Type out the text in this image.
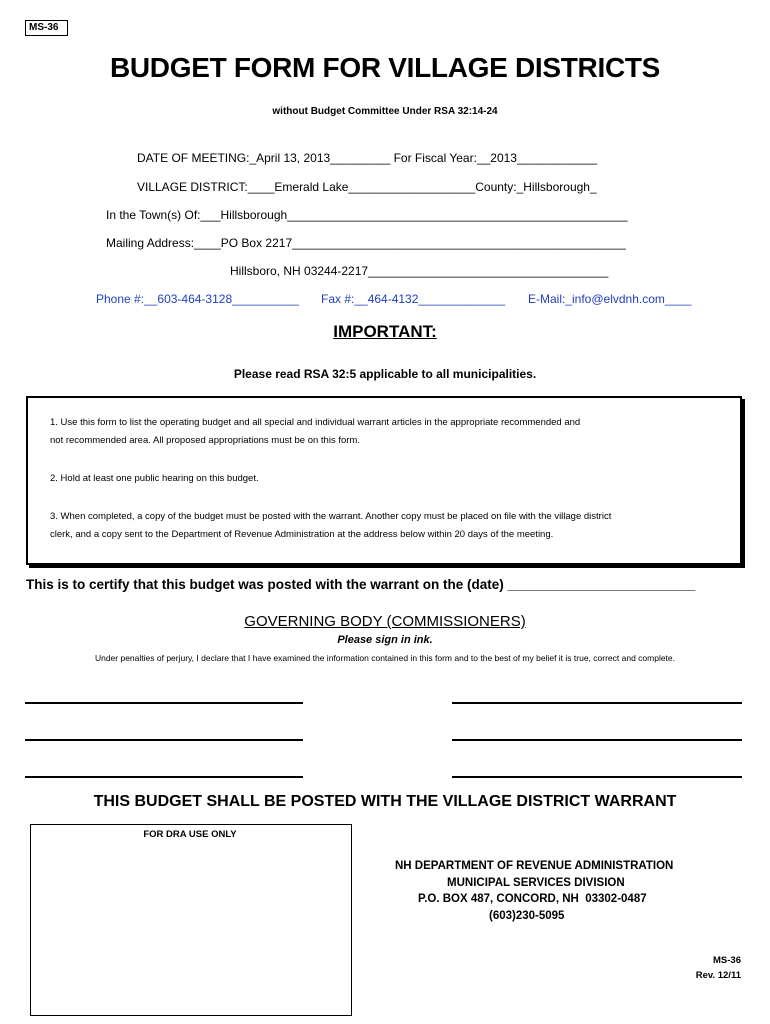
MS-36
BUDGET FORM FOR VILLAGE DISTRICTS
without Budget Committee Under RSA 32:14-24
DATE OF MEETING:_April 13, 2013_________ For Fiscal Year:__2013____________
VILLAGE DISTRICT:____Emerald Lake___________________County:_Hillsborough_
In the Town(s) Of:___Hillsborough___________________________________________________
Mailing Address:____PO Box 2217__________________________________________________
Hillsboro, NH 03244-2217____________________________________
Phone #:__603-464-3128__________ Fax #:__464-4132_____________ E-Mail:_info@elvdnh.com____
IMPORTANT:
Please read RSA 32:5 applicable to all municipalities.
1. Use this form to list the operating budget and all special and individual warrant articles in the appropriate recommended and
not recommended area. All proposed appropriations must be on this form.
2. Hold at least one public hearing on this budget.
3. When completed, a copy of the budget must be posted with the warrant. Another copy must be placed on file with the village district
clerk, and a copy sent to the Department of Revenue Administration at the address below within 20 days of the meeting.
This is to certify that this budget was posted with the warrant on the (date) _________________________
GOVERNING BODY (COMMISSIONERS)
Please sign in ink.
Under penalties of perjury, I declare that I have examined the information contained in this form and to the best of my belief it is true, correct and complete.
THIS BUDGET SHALL BE POSTED WITH THE VILLAGE DISTRICT WARRANT
FOR DRA USE ONLY
NH DEPARTMENT OF REVENUE ADMINISTRATION
MUNICIPAL SERVICES DIVISION
P.O. BOX 487, CONCORD, NH  03302-0487
(603)230-5095
MS-36
Rev. 12/11
